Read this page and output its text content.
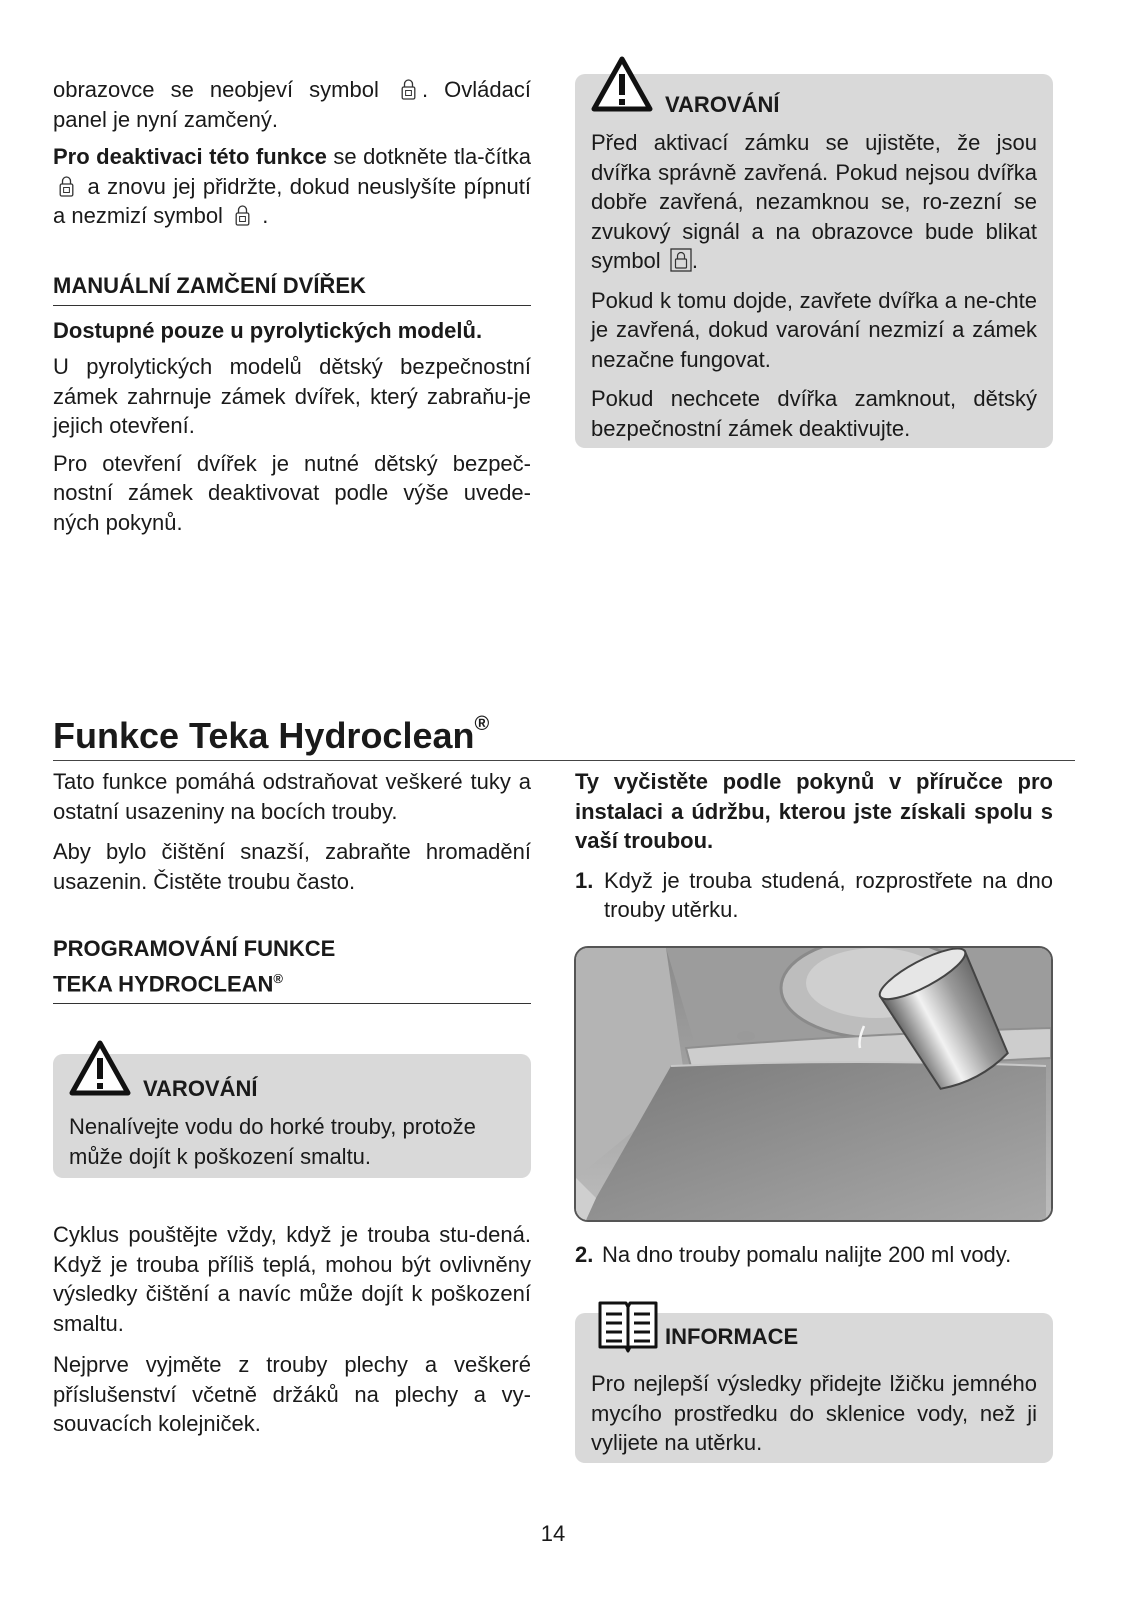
obrazovce se neobjeví symbol . Ovládací panel je nyní zamčený.

Pro deaktivaci této funkce se dotkněte tla-čítka
a znovu jej přidržte, dokud neuslyšíte pípnutí a nezmizí symbol
.

MANUÁLNÍ ZAMČENÍ DVÍŘEK

Dostupné pouze u pyrolytických modelů.

U pyrolytických modelů dětský bezpečnostní zámek zahrnuje zámek dvířek, který zabraňu-je jejich otevření.

Pro otevření dvířek je nutné dětský bezpeč-nostní zámek deaktivovat podle výše uvede-ných pokynů.

VAROVÁNÍ

Před aktivací zámku se ujistěte, že jsou dvířka správně zavřená. Pokud nejsou dvířka dobře zavřená, nezamknou se, ro-zezní se zvukový signál a na obrazovce bude blikat symbol .

Pokud k tomu dojde, zavřete dvířka a ne-chte je zavřená, dokud varování nezmizí a zámek nezačne fungovat.

Pokud nechcete dvířka zamknout, dětský bezpečnostní zámek deaktivujte.

Funkce Teka Hydroclean®

Tato funkce pomáhá odstraňovat veškeré tuky a ostatní usazeniny na bocích trouby.

Aby bylo čištění snazší, zabraňte hromadění usazenin. Čistěte troubu často.

PROGRAMOVÁNÍ FUNKCE
TEKA HYDROCLEAN®
VAROVÁNÍ

Nenalívejte vodu do horké trouby, protože může dojít k poškození smaltu.

Cyklus pouštějte vždy, když je trouba stu-dená. Když je trouba příliš teplá, mohou být ovlivněny výsledky čištění a navíc může dojít k poškození smaltu.

Nejprve vyjměte z trouby plechy a veškeré příslušenství včetně držáků na plechy a vy-souvacích kolejniček.

Ty vyčistěte podle pokynů v příručce pro instalaci a údržbu, kterou jste získali spolu s vaší troubou.

1. Když je trouba studená, rozprostřete na dno trouby utěrku.
2. Na dno trouby pomalu nalijte 200 ml vody.
INFORMACE

Pro nejlepší výsledky přidejte lžičku jemného mycího prostředku do sklenice vody, než ji vylijete na utěrku.

14
